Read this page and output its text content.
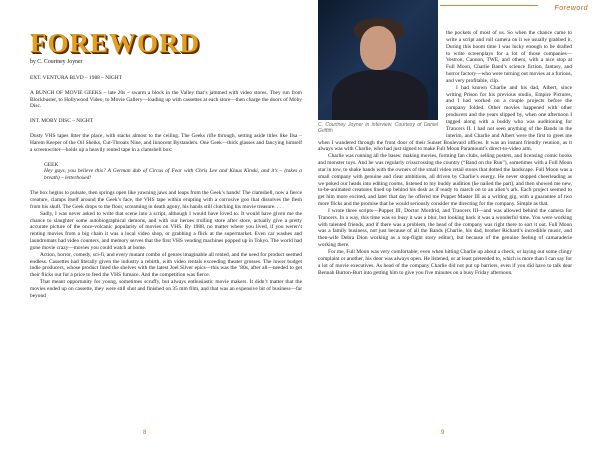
Foreword
FOREWORD
by C. Courtney Joyner

EXT. VENTURA BLVD – 1988 – NIGHT

A BUNCH OF MOVIE GEEKS – late 20s – swarm a block in the Valley that’s jammed with video stores. They run from Blockbuster, to Hollywood Video, to Movie Gallery—loading up with cassettes at each store—then charge the doors of Moby Disc.

INT. MOBY DISC – NIGHT

Dusty VHS tapes litter the place, with stacks almost to the ceiling. The Geeks rifle through, setting aside titles like Ilsa – Harem Keeper of the Oil Sheiks, Cut-Throats Nine, and Innocent Bystanders. One Geek—thick glasses and fancying himself a screenwriter—holds up a heavily rented tape in a clamshell box:

GEEK

Hey guys, you believe this? A German dub of Circus of Fear with Chris Lee and Klaus Kinski, and it’s – (takes a breath) – letterboxed!

The box begins to pulsate, then springs open like yawning jaws and leaps from the Geek’s hands! The clamshell, now a fierce creature, clamps itself around the Geek’s face, the VHS tape within erupting with a corrosive goo that dissolves the flesh from his skull. The Geek drops to the floor, screaming in death agony, his hands still clutching his movie treasure. . . .

Sadly, I was never asked to write that scene into a script, although I would have loved to. It would have given me the chance to slaughter some autobiographical demons, and with our heroes trolling store after store, actually give a pretty accurate picture of the once-volcanic popularity of movies on VHS. By 1988, no matter where you lived, if you weren’t renting movies from a big chain it was a local video shop, or grabbing a flick at the supermarket. Even car washes and laundromats had video counters, and memory serves that the first VHS vending machines popped up in Tokyo. The world had gone movie crazy—movies you could watch at home.

Action, horror, comedy, sci-fi, and every mutant combo of genres imaginable all rented, and the need for product seemed endless. Cassettes had literally given the industry a rebirth, with video rentals exceeding theater grosses. The lower budget indie producers, whose product lined the shelves with the latest Joel Silver epics—this was the ’80s, after all—needed to get their flicks out for a price to feed the VHS furnace. And the competition was fierce.

That meant opportunity for young, sometimes scruffy, but always enthusiastic movie makers. It didn’t matter that the movies ended up on cassette, they were still shot and finished on 35 mm film, and that was an expensive bit of business—far beyond

8

the pockets of most of us. So when the chance came to write a script and roll camera on it we usually grabbed it. During this boom time I was lucky enough to be drafted to write screenplays for a lot of those companies—Vestron, Cannon, TWE, and others, with a nice stop at Full Moon, Charlie Band’s science fiction, fantasy, and horror factory—who were turning out movies at a furious, and very profitable, clip.

C. Courtney Joyner in interview. Courtesy of Daniel Griffith

I had known Charlie and his dad, Albert, since writing Prison for his previous studio, Empire Pictures, and I had worked on a couple projects before the company folded. Other movies happened with other producers and the years slipped by, when one afternoon I tagged along with a buddy who was auditioning for Trancers II. I had not seen anything of the Bands in the interim, and Charlie and Albert were the first to greet me when I wandered through the front door of their Sunset Boulevard offices. It was an instant friendly reunion, as it always was with Charlie, who had just signed to make Full Moon Paramount’s direct-to-video arm.

Charlie was running all the bases: making movies, forming fan clubs, selling posters, and licensing comic books and monster toys. And he was regularly crisscrossing the country (“Band on the Run”), sometimes with a Full Moon star in tow, to shake hands with the owners of the small video retail stores that dotted the landscape. Full Moon was a small company with genuine and clear ambitions, all driven by Charlie’s energy. He never stopped cheerleading as we poked our heads into editing rooms, listened to my buddy audition (he nailed the part), and then showed me new, to-be-animated creatures lined up behind his desk as if ready to march on to an alien’s ark. Each project seemed to get him more excited, and later that day he offered me Puppet Master III as a writing gig, with a guarantee of two more flicks and the promise that he would seriously consider me directing for the company. Simple as that.

I wrote three scripts—Puppet III, Doctor Mordrid, and Trancers III—and was allowed behind the camera for Trancers. In a way, this time was so busy it was a blur, but looking back it was a wonderful time. You were working with talented friends, and if there was a problem, the head of the company was right there to sort it out. Full Moon was a family business, not just because of all the Bands (Charlie, his dad, brother Richard’s incredible music, and then-wife Debra Dion working as a top-flight story editor), but because of the genuine feeling of camaraderie working there.

For me, Full Moon was very comfortable; even when hitting Charlie up about a check, or laying out some clingy complaint or another, his door was always open. He listened, or at least pretended to, which is more than I can say for a lot of movie executives. As head of the company Charlie did not put up barriers, even if you did have to talk dear Bennah Burton-Burt into getting him to give you five minutes on a busy Friday afternoon.

9
